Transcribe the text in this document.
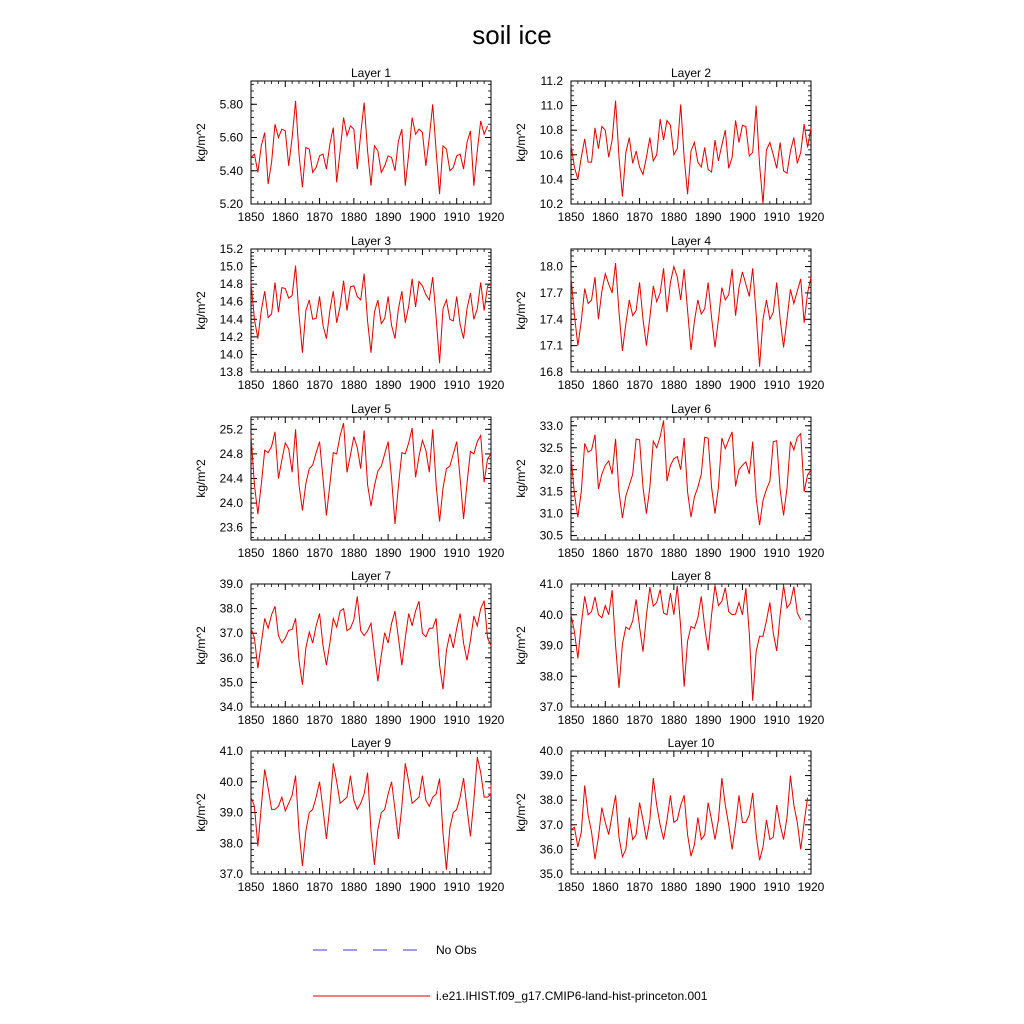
soil ice
Layer 1
kg/m^2
1850 1860 1870 1880 1890 1900 1910 1920
5.20
5.40
5.60
5.80
Layer 2
kg/m^2
1850 1860 1870 1880 1890 1900 1910 1920
10.2
10.4
10.6
10.8
11.0
11.2
Layer 3
kg/m^2
1850 1860 1870 1880 1890 1900 1910 1920
13.8
14.0
14.2
14.4
14.6
14.8
15.0
15.2
Layer 4
kg/m^2
1850 1860 1870 1880 1890 1900 1910 1920
16.8
17.1
17.4
17.7
18.0
Layer 5
kg/m^2
1850 1860 1870 1880 1890 1900 1910 1920
23.6
24.0
24.4
24.8
25.2
Layer 6
kg/m^2
1850 1860 1870 1880 1890 1900 1910 1920
30.5
31.0
31.5
32.0
32.5
33.0
Layer 7
kg/m^2
1850 1860 1870 1880 1890 1900 1910 1920
34.0
35.0
36.0
37.0
38.0
39.0
Layer 8
kg/m^2
1850 1860 1870 1880 1890 1900 1910 1920
37.0
38.0
39.0
40.0
41.0
Layer 9
kg/m^2
1850 1860 1870 1880 1890 1900 1910 1920
37.0
38.0
39.0
40.0
41.0
Layer 10
kg/m^2
1850 1860 1870 1880 1890 1900 1910 1920
35.0
36.0
37.0
38.0
39.0
40.0
No Obs
i.e21.IHIST.f09_g17.CMIP6-land-hist-princeton.001
